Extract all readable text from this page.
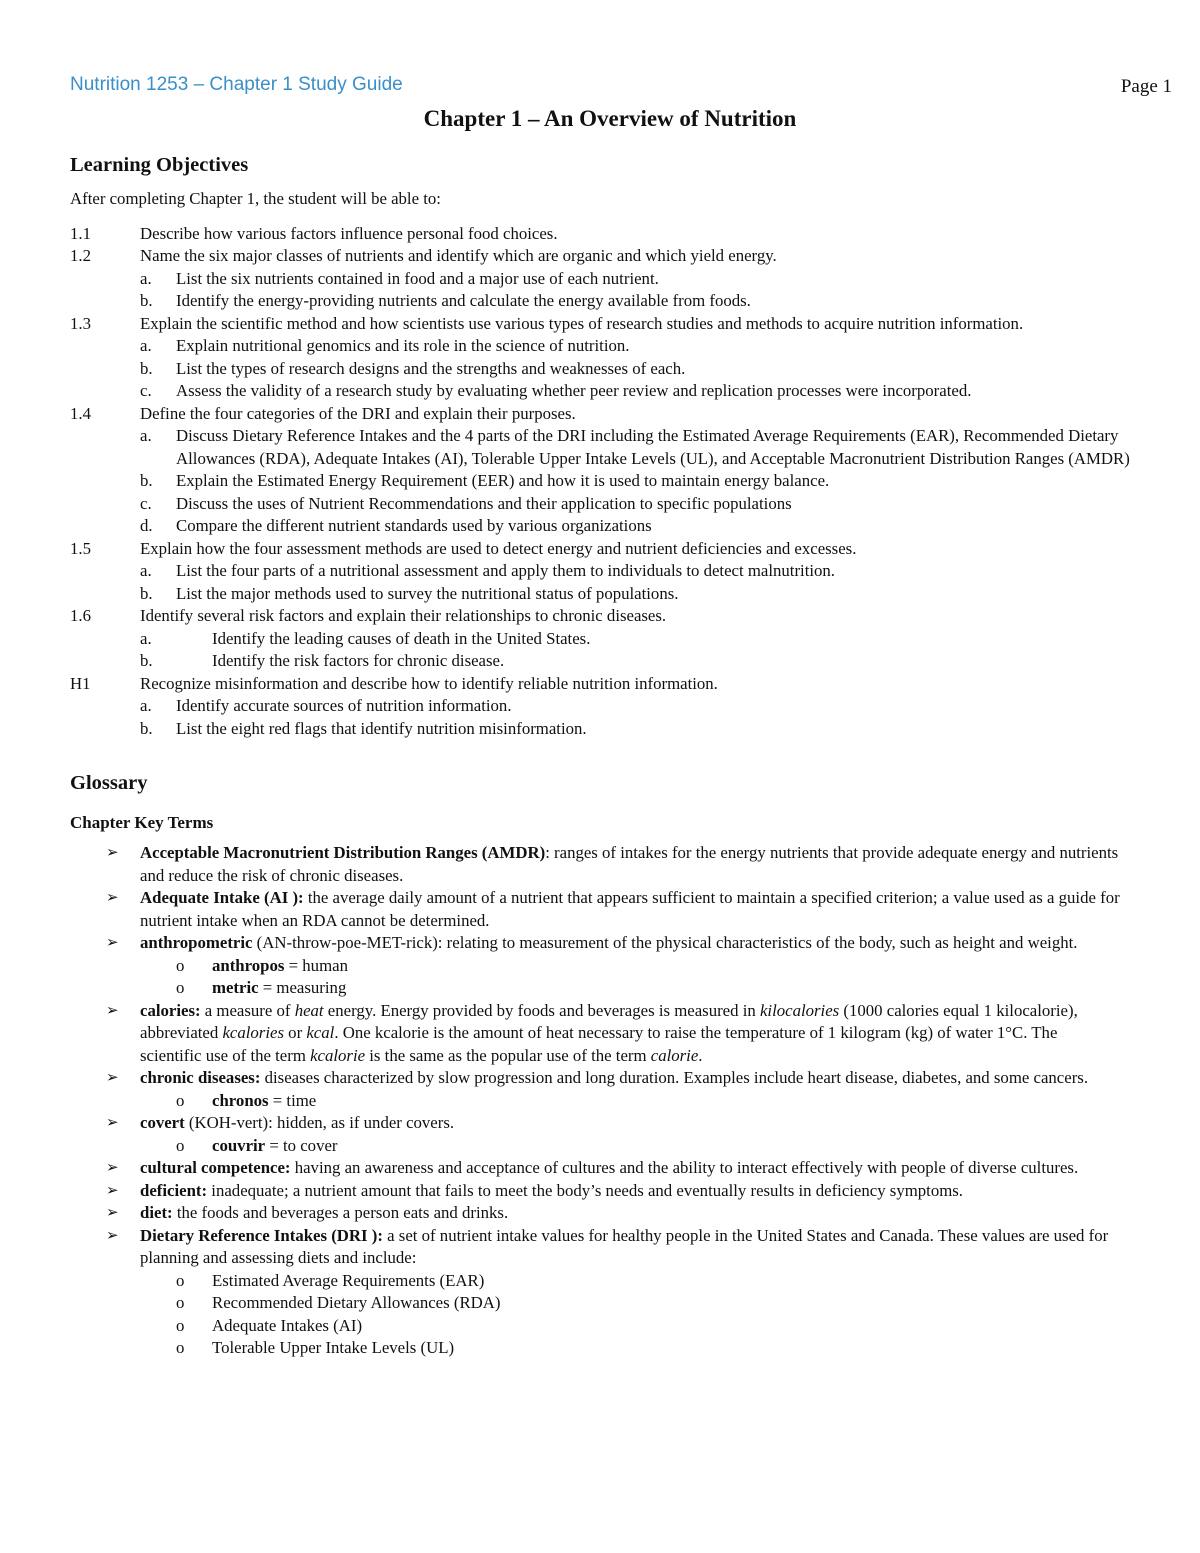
Nutrition 1253 – Chapter 1 Study Guide	Page 1
Chapter 1 – An Overview of Nutrition
Learning Objectives
After completing Chapter 1, the student will be able to:
1.1	Describe how various factors influence personal food choices.
1.2	Name the six major classes of nutrients and identify which are organic and which yield energy.
a.	List the six nutrients contained in food and a major use of each nutrient.
b.	Identify the energy-providing nutrients and calculate the energy available from foods.
1.3	Explain the scientific method and how scientists use various types of research studies and methods to acquire nutrition information.
a.	Explain nutritional genomics and its role in the science of nutrition.
b.	List the types of research designs and the strengths and weaknesses of each.
c.	Assess the validity of a research study by evaluating whether peer review and replication processes were incorporated.
1.4	Define the four categories of the DRI and explain their purposes.
a.	Discuss Dietary Reference Intakes and the 4 parts of the DRI including the Estimated Average Requirements (EAR), Recommended Dietary Allowances (RDA), Adequate Intakes (AI), Tolerable Upper Intake Levels (UL), and Acceptable Macronutrient Distribution Ranges (AMDR)
b.	Explain the Estimated Energy Requirement (EER) and how it is used to maintain energy balance.
c.	Discuss the uses of Nutrient Recommendations and their application to specific populations
d.	Compare the different nutrient standards used by various organizations
1.5	Explain how the four assessment methods are used to detect energy and nutrient deficiencies and excesses.
a.	List the four parts of a nutritional assessment and apply them to individuals to detect malnutrition.
b.	List the major methods used to survey the nutritional status of populations.
1.6	Identify several risk factors and explain their relationships to chronic diseases.
a.	Identify the leading causes of death in the United States.
b.	Identify the risk factors for chronic disease.
H1	Recognize misinformation and describe how to identify reliable nutrition information.
a.	Identify accurate sources of nutrition information.
b.	List the eight red flags that identify nutrition misinformation.
Glossary
Chapter Key Terms
➢	Acceptable Macronutrient Distribution Ranges (AMDR): ranges of intakes for the energy nutrients that provide adequate energy and nutrients and reduce the risk of chronic diseases.
➢	Adequate Intake (AI ): the average daily amount of a nutrient that appears sufficient to maintain a specified criterion; a value used as a guide for nutrient intake when an RDA cannot be determined.
➢	anthropometric (AN-throw-poe-MET-rick): relating to measurement of the physical characteristics of the body, such as height and weight.
o	anthropos = human
o	metric = measuring
➢	calories: a measure of heat energy. Energy provided by foods and beverages is measured in kilocalories (1000 calories equal 1 kilocalorie), abbreviated kcalories or kcal. One kcalorie is the amount of heat necessary to raise the temperature of 1 kilogram (kg) of water 1°C. The scientific use of the term kcalorie is the same as the popular use of the term calorie.
➢	chronic diseases: diseases characterized by slow progression and long duration. Examples include heart disease, diabetes, and some cancers.
o	chronos = time
➢	covert (KOH-vert): hidden, as if under covers.
o	couvrir = to cover
➢	cultural competence: having an awareness and acceptance of cultures and the ability to interact effectively with people of diverse cultures.
➢	deficient: inadequate; a nutrient amount that fails to meet the body’s needs and eventually results in deficiency symptoms.
➢	diet: the foods and beverages a person eats and drinks.
➢	Dietary Reference Intakes (DRI ): a set of nutrient intake values for healthy people in the United States and Canada. These values are used for planning and assessing diets and include:
o	Estimated Average Requirements (EAR)
o	Recommended Dietary Allowances (RDA)
o	Adequate Intakes (AI)
o	Tolerable Upper Intake Levels (UL)
